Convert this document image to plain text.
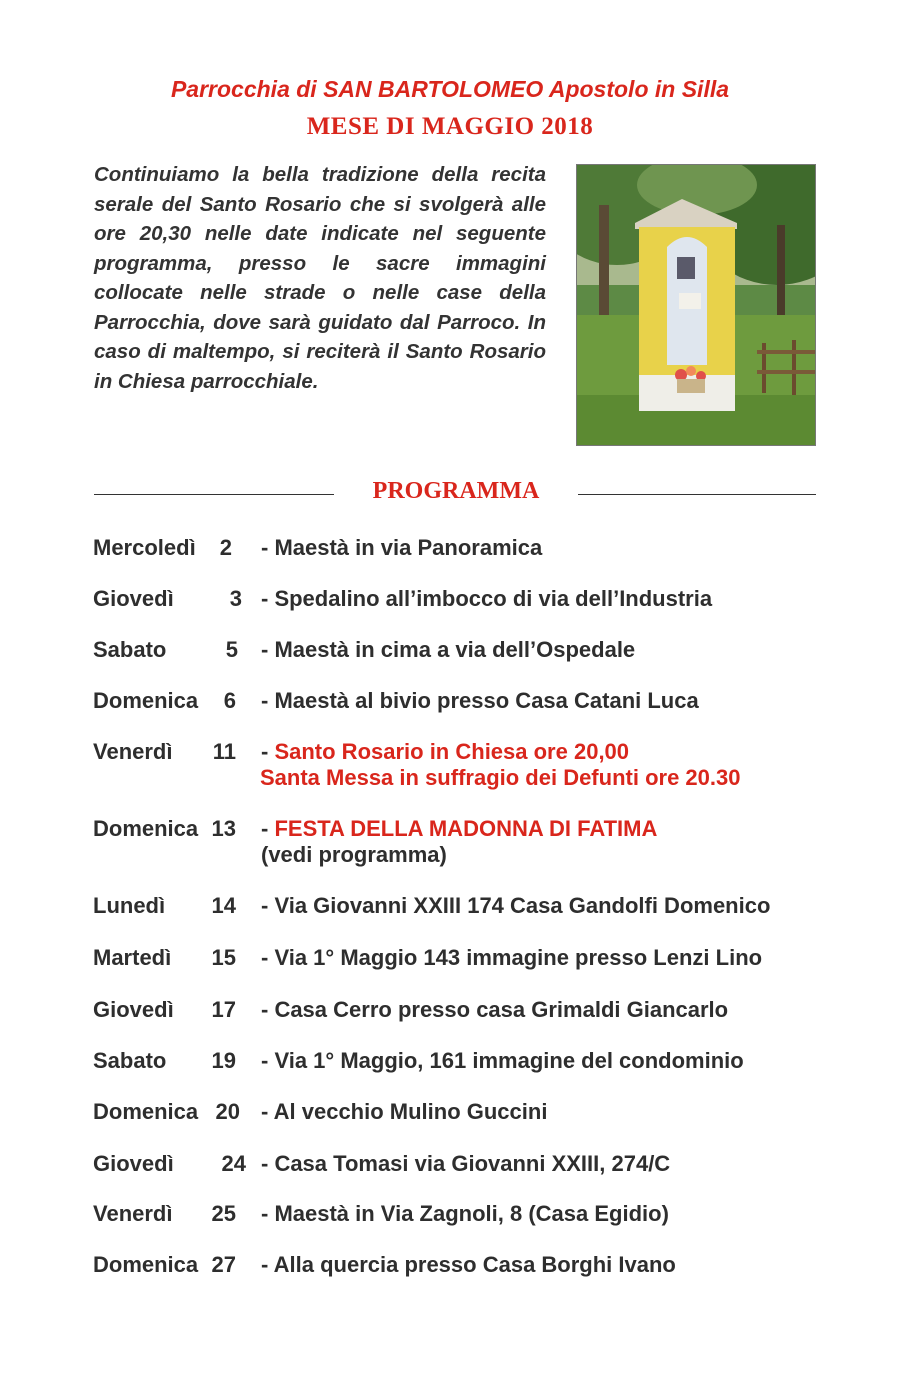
Parrocchia di SAN BARTOLOMEO Apostolo in Silla
MESE DI MAGGIO 2018

Continuiamo la bella tradizione della recita serale del Santo Rosario che si svolgerà alle ore 20,30 nelle date indicate nel seguente programma, presso le sacre immagini collocate nelle strade o nelle case della Parrocchia, dove sarà guidato dal Parroco. In caso di maltempo, si reciterà il Santo Rosario in Chiesa parrocchiale.

PROGRAMMA
Mercoledì	2 - Maestà in via Panoramica
Giovedì	3 - Spedalino all’imbocco di via dell’Industria
Sabato	5 - Maestà in cima a via dell’Ospedale
Domenica	6 - Maestà al bivio presso Casa Catani Luca
Venerdì	11 - Santo Rosario in Chiesa ore 20,00
Santa Messa in suffragio dei Defunti ore 20.30
Domenica 13 - FESTA DELLA MADONNA DI FATIMA
(vedi programma)
Lunedì	14 - Via Giovanni XXIII 174 Casa Gandolfi Domenico
Martedì	15 - Via 1° Maggio 143 immagine presso Lenzi Lino
Giovedì	17 - Casa Cerro presso casa Grimaldi Giancarlo
Sabato	19 - Via 1° Maggio, 161 immagine del condominio
Domenica 20 - Al vecchio Mulino Guccini
Giovedì	24 - Casa Tomasi via Giovanni XXIII, 274/C
Venerdì	25 - Maestà in Via Zagnoli, 8 (Casa Egidio)
Domenica 27 - Alla quercia presso Casa Borghi Ivano
